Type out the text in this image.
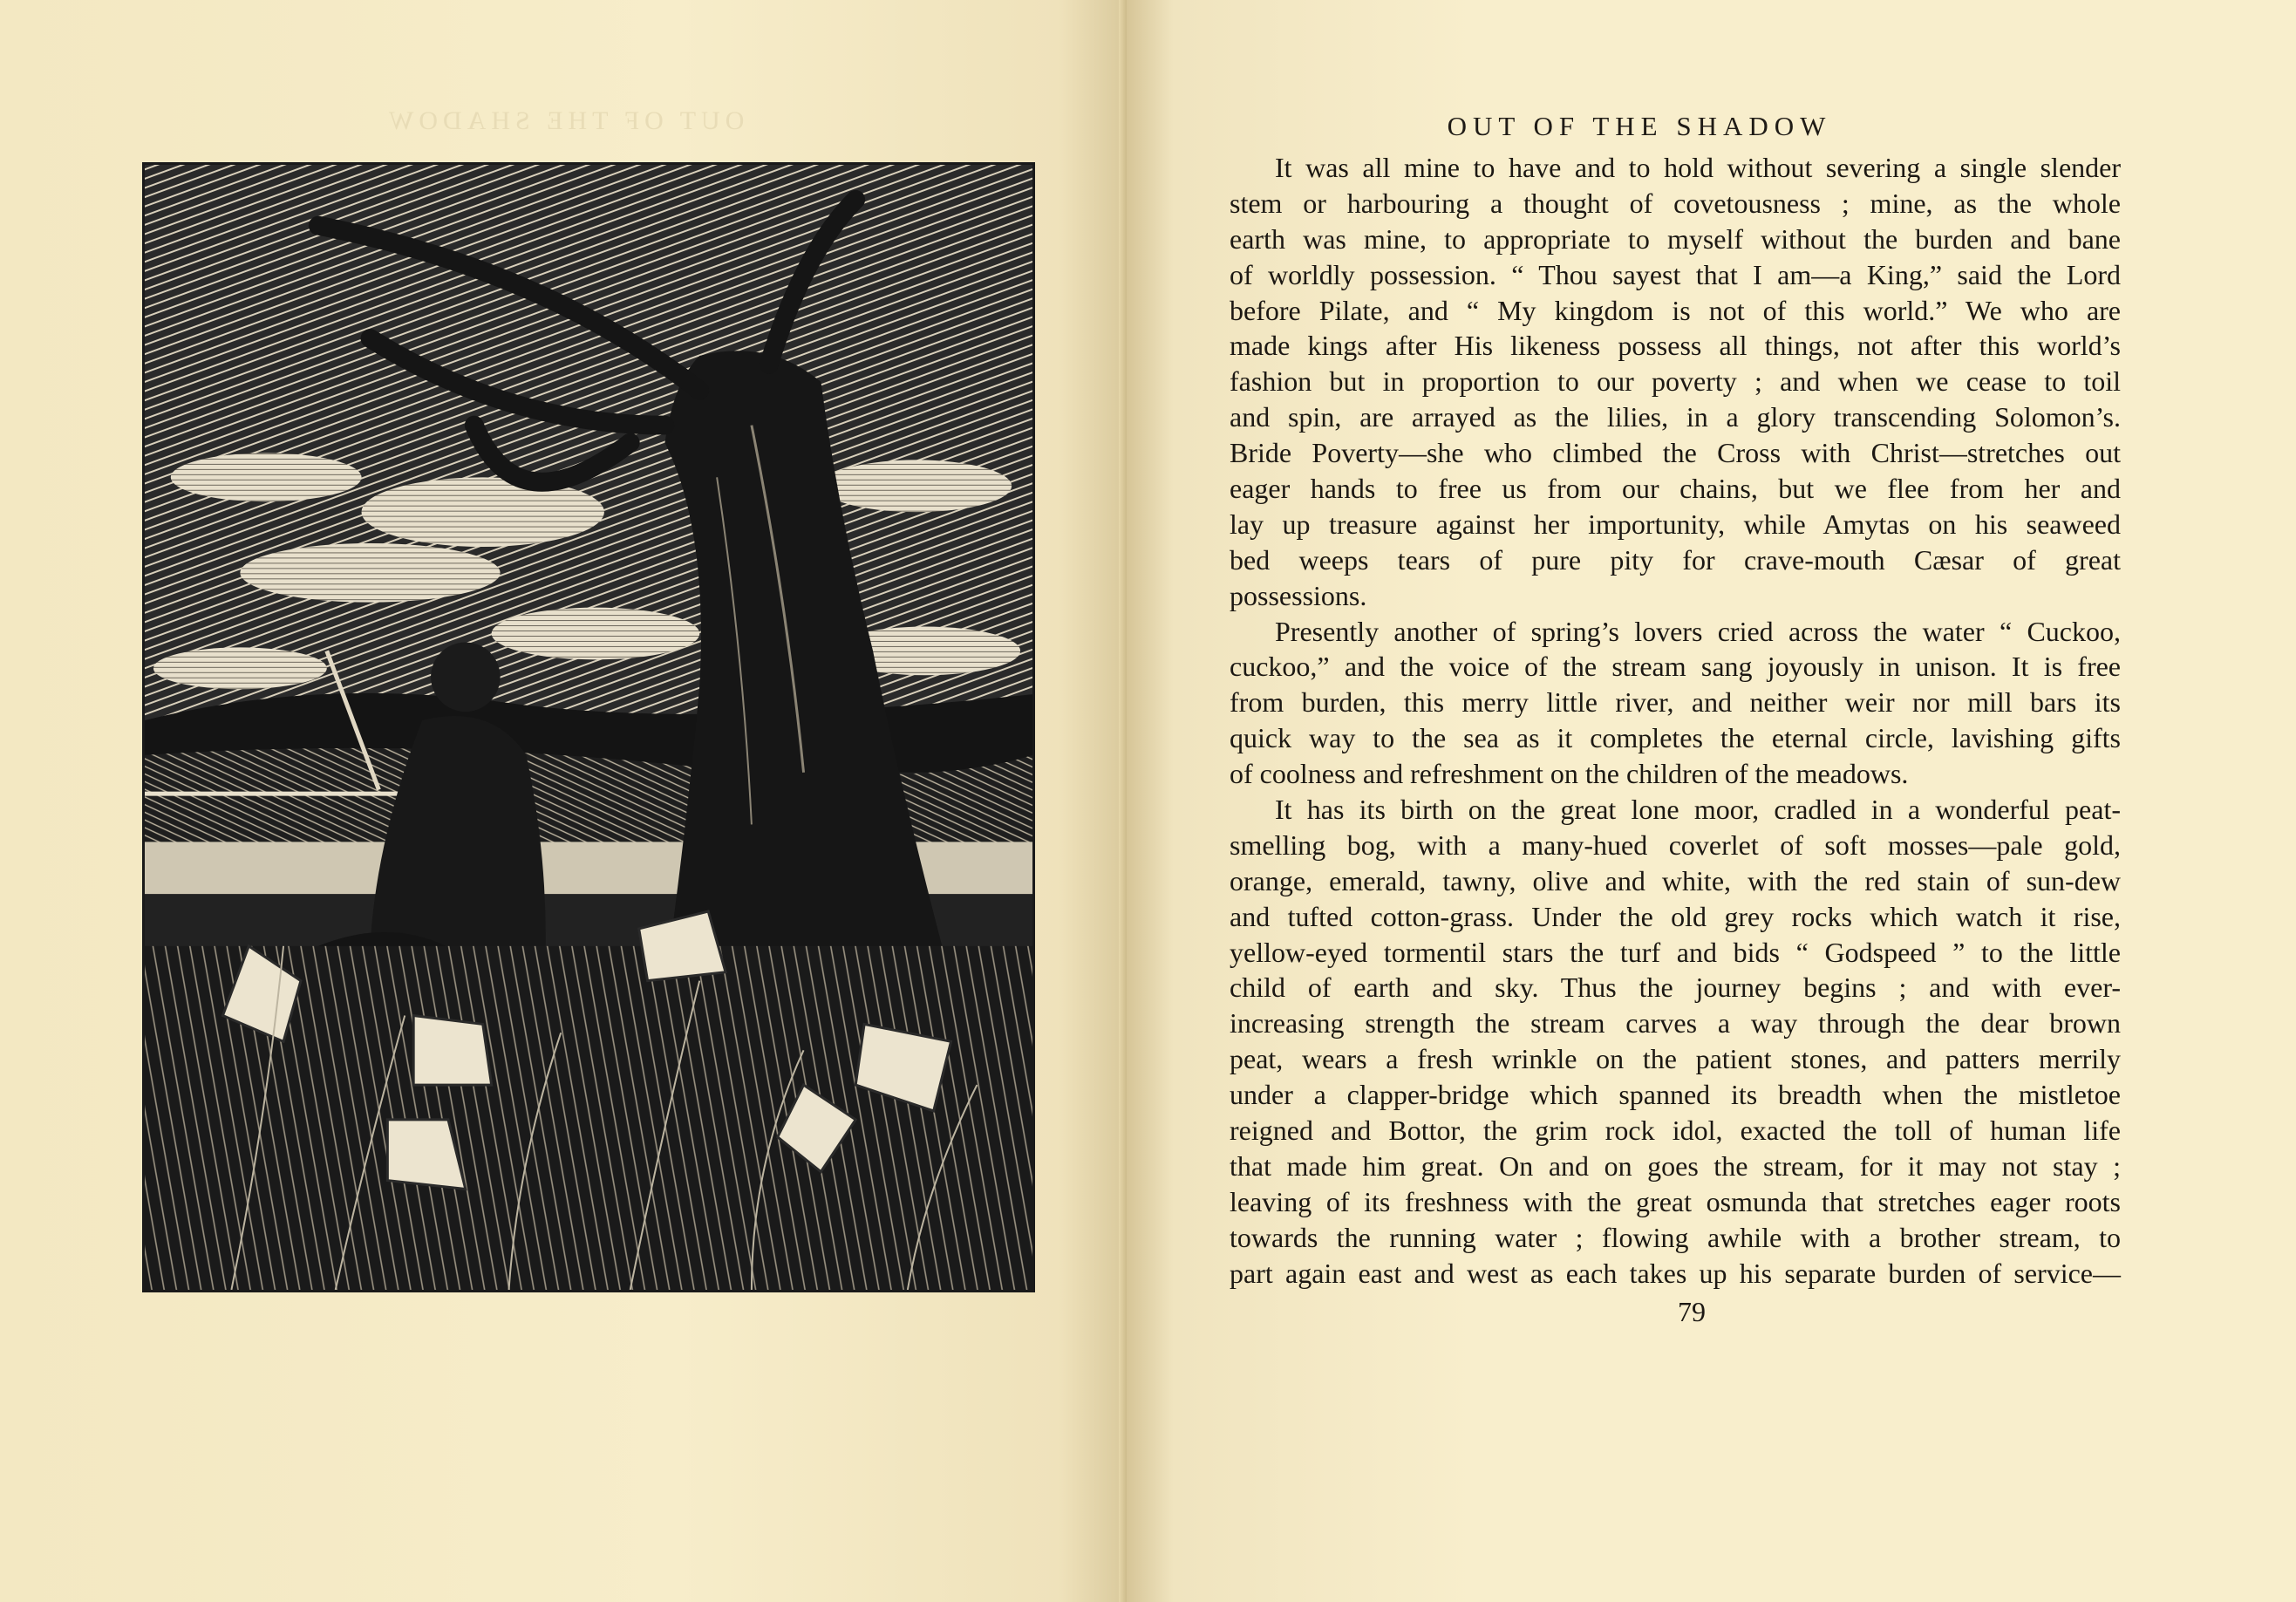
OUT OF THE SHADOW	OUT OF THE SHADOW
It was all mine to have and to hold without severing a single slender
stem or harbouring a thought of covetousness ; mine, as the whole
earth was mine, to appropriate to myself without the burden and bane
of worldly possession. “ Thou sayest that I am—a King,” said the Lord
before Pilate, and “ My kingdom is not of this world.” We who are
made kings after His likeness possess all things, not after this world’s
fashion but in proportion to our poverty ; and when we cease to toil
and spin, are arrayed as the lilies, in a glory transcending Solomon’s.
Bride Poverty—she who climbed the Cross with Christ—stretches out
eager hands to free us from our chains, but we flee from her and
lay up treasure against her importunity, while Amytas on his seaweed
bed weeps tears of pure pity for crave-mouth Cæsar of great
possessions.
Presently another of spring’s lovers cried across the water “ Cuckoo,
cuckoo,” and the voice of the stream sang joyously in unison. It is free
from burden, this merry little river, and neither weir nor mill bars its
quick way to the sea as it completes the eternal circle, lavishing gifts
of coolness and refreshment on the children of the meadows.
It has its birth on the great lone moor, cradled in a wonderful peat-
smelling bog, with a many-hued coverlet of soft mosses—pale gold,
orange, emerald, tawny, olive and white, with the red stain of sun-dew
and tufted cotton-grass. Under the old grey rocks which watch it rise,
yellow-eyed tormentil stars the turf and bids “ Godspeed ” to the little
child of earth and sky. Thus the journey begins ; and with ever-
increasing strength the stream carves a way through the dear brown
peat, wears a fresh wrinkle on the patient stones, and patters merrily
under a clapper-bridge which spanned its breadth when the mistletoe
reigned and Bottor, the grim rock idol, exacted the toll of human life
that made him great. On and on goes the stream, for it may not stay ;
leaving of its freshness with the great osmunda that stretches eager roots
towards the running water ; flowing awhile with a brother stream, to
part again east and west as each takes up his separate burden of service—
79
